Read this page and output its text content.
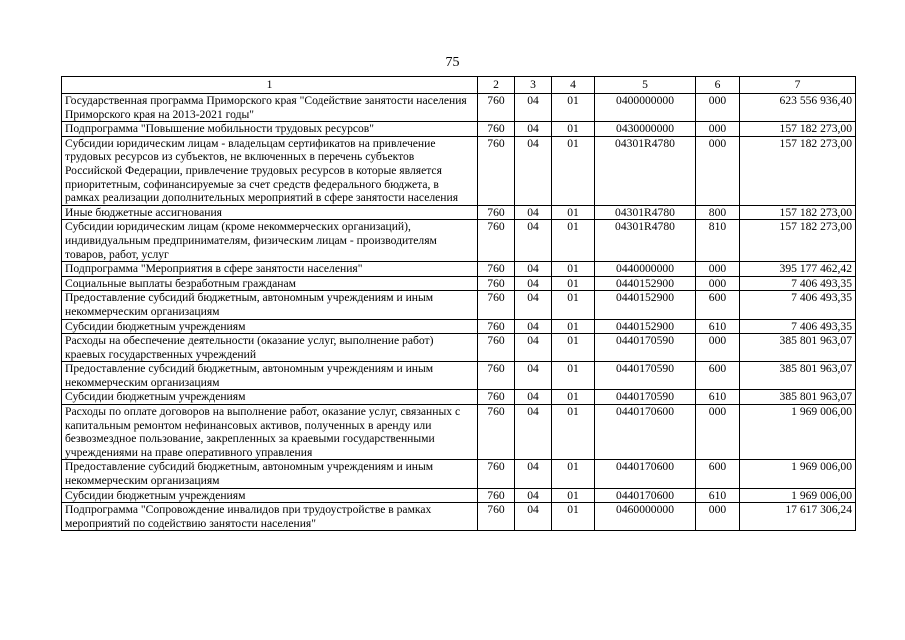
75
1	2	3	4	5	6	7
Государственная программа Приморского края "Содействие занятости населения Приморского края на 2013-2021 годы"	760	04	01	0400000000	000	623 556 936,40
Подпрограмма "Повышение мобильности трудовых ресурсов"	760	04	01	0430000000	000	157 182 273,00
Субсидии юридическим лицам - владельцам сертификатов на привлечение трудовых ресурсов из субъектов, не включенных в перечень субъектов Российской Федерации, привлечение трудовых ресурсов в которые является приоритетным, софинансируемые за счет средств федерального бюджета, в рамках реализации дополнительных мероприятий в сфере занятости населения	760	04	01	04301R4780	000	157 182 273,00
Иные бюджетные ассигнования	760	04	01	04301R4780	800	157 182 273,00
Субсидии юридическим лицам (кроме некоммерческих организаций), индивидуальным предпринимателям, физическим лицам - производителям товаров, работ, услуг	760	04	01	04301R4780	810	157 182 273,00
Подпрограмма "Мероприятия в сфере занятости населения"	760	04	01	0440000000	000	395 177 462,42
Социальные выплаты безработным гражданам	760	04	01	0440152900	000	7 406 493,35
Предоставление субсидий бюджетным, автономным учреждениям и иным некоммерческим организациям	760	04	01	0440152900	600	7 406 493,35
Субсидии бюджетным учреждениям	760	04	01	0440152900	610	7 406 493,35
Расходы на обеспечение деятельности (оказание услуг, выполнение работ) краевых государственных учреждений	760	04	01	0440170590	000	385 801 963,07
Предоставление субсидий бюджетным, автономным учреждениям и иным некоммерческим организациям	760	04	01	0440170590	600	385 801 963,07
Субсидии бюджетным учреждениям	760	04	01	0440170590	610	385 801 963,07
Расходы по оплате договоров на выполнение работ, оказание услуг, связанных с капитальным ремонтом нефинансовых активов, полученных в аренду или безвозмездное пользование, закрепленных за краевыми государственными учреждениями на праве оперативного управления	760	04	01	0440170600	000	1 969 006,00
Предоставление субсидий бюджетным, автономным учреждениям и иным некоммерческим организациям	760	04	01	0440170600	600	1 969 006,00
Субсидии бюджетным учреждениям	760	04	01	0440170600	610	1 969 006,00
Подпрограмма "Сопровождение инвалидов при трудоустройстве в рамках мероприятий по содействию занятости населения"	760	04	01	0460000000	000	17 617 306,24
